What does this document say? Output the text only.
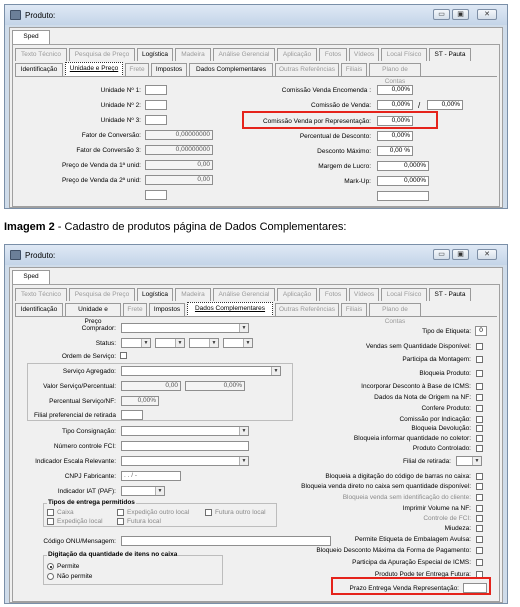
Produto:	▭	▣	✕
Sped
Texto Técnico	Pesquisa de Preço	Logística	Madeira	Análise Gerencial	Aplicação	Fotos	Vídeos	Local Físico	ST - Pauta
Identificação	Unidade e Preço	Frete	Impostos	Dados Complementares	Outras Referências	Filiais	Plano de Contas
Unidade Nº 1:
Unidade Nº 2:
Unidade Nº 3:
Fator de Conversão:	0,00000000
Fator de Conversão 3:	0,00000000
Preço de Venda da 1ª unid:	0,00
Preço de Venda da 2ª unid:	0,00
Comissão Venda Encomenda :	0,00%
Comissão de Venda:	0,00%	/	0,00%
Comissão Venda por Representação:	0,00%
Percentual de Desconto:	0,00%
Desconto Máximo:	0,00 %
Margem de Lucro:	0,000%
Mark-Up:	0,000%
Imagem 2 - Cadastro de produtos página de Dados Complementares:
Produto:	▭	▣	✕
Sped
Texto Técnico	Pesquisa de Preço	Logística	Madeira	Análise Gerencial	Aplicação	Fotos	Vídeos	Local Físico	ST - Pauta
Identificação	Unidade e Preço
Frete	Impostos	Dados Complementares	Outras Referências	Filiais	Plano de Contas
Comprador:	▼
Status:	▼	▼	▼	▼
Ordem de Serviço:
Serviço Agregado:	▼
Valor Serviço/Percentual:	0,00	0,00%
Percentual Serviço/NF:	0,00%
Filial preferencial de retirada
Tipo Consignação:	▼
Número controle FCI:
Indicador Escala Relevante:	▼
CNPJ Fabricante:	. . / -
Indicador IAT (PAF):	▼
Tipos de entrega permitidos
Caixa	Expedição outro local	Futura outro local
Expedição local	Futura local
Código ONU/Mensagem:
Digitação da quantidade de itens no caixa
Permite
Não permite
Tipo de Etiqueta:	0
Vendas sem Quantidade Disponível:
Participa da Montagem:
Bloqueia Produto:
Incorporar Desconto à Base de ICMS:
Dados da Nota de Origem na NF:
Confere Produto:
Comissão por Indicação:
Bloqueia Devolução:
Bloqueia informar quantidade no coletor:
Produto Controlado:
Filial de retirada:	▼
Bloqueia a digitação do código de barras no caixa:
Bloqueia venda direto no caixa sem quantidade disponível:
Bloqueia venda sem identificação do cliente:
Imprimir Volume na NF:
Controle de FCI:
Miudeza:
Permite Etiqueta de Embalagem Avulsa:
Bloqueio Desconto Máxima da Forma de Pagamento:
Participa da Apuração Especial de ICMS:
Produto Pode ter Entrega Futura:
Prazo Entrega Venda Representação:
